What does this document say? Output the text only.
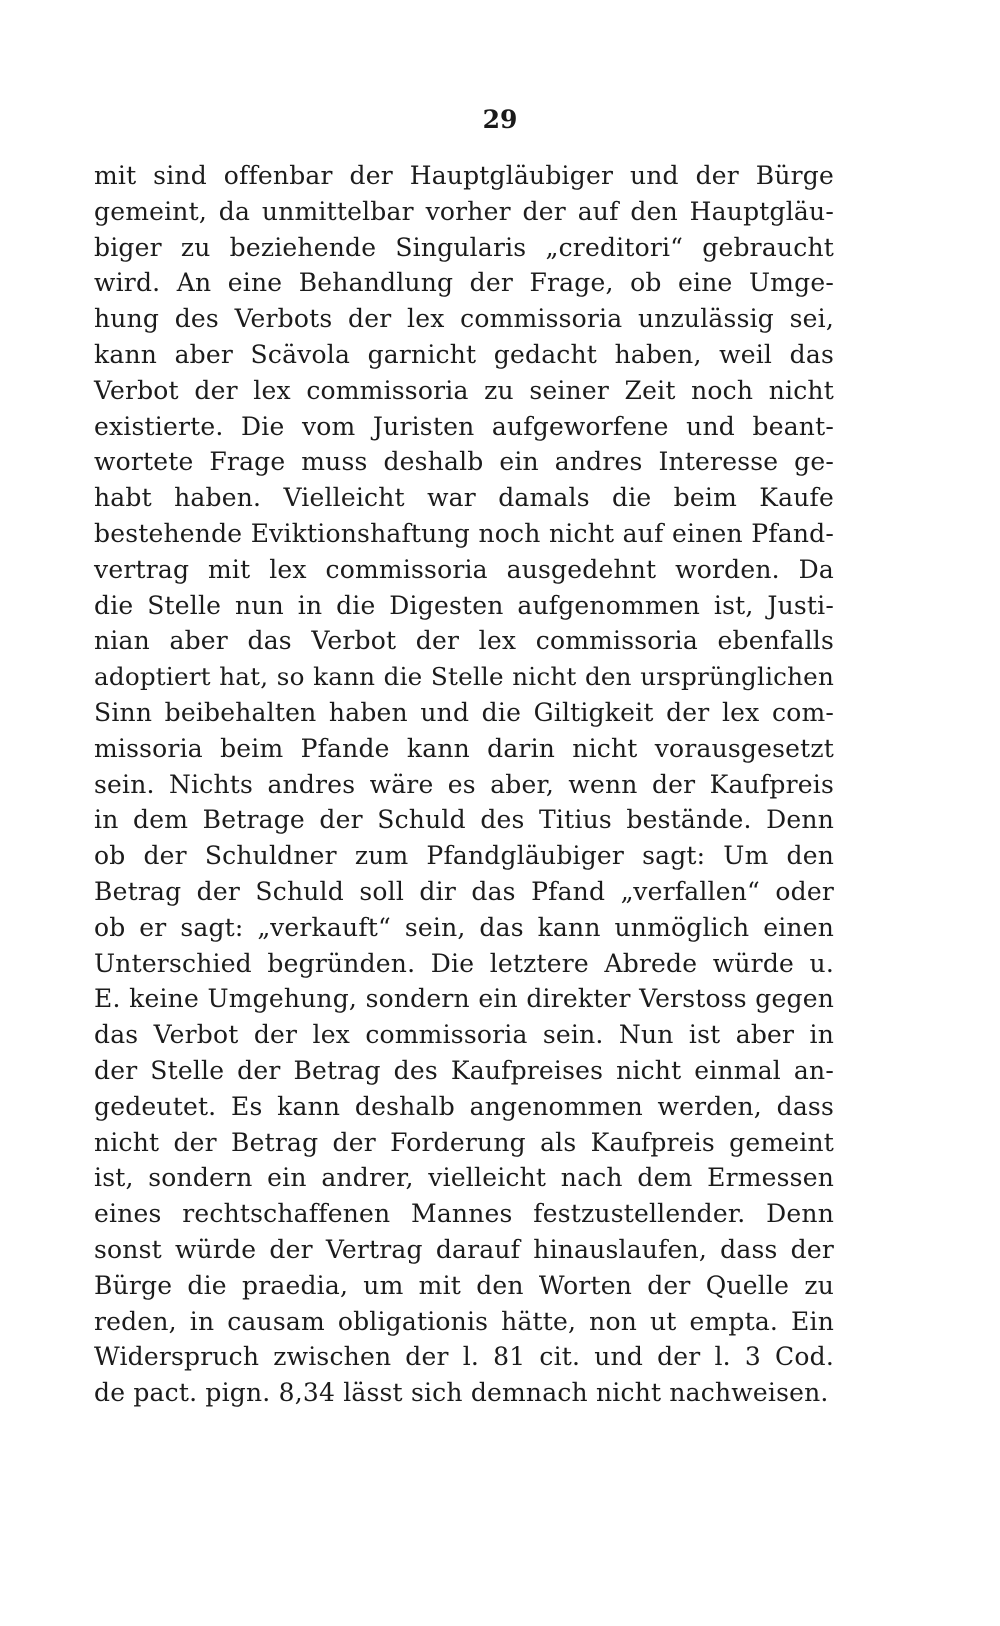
29
mit sind offenbar der Hauptgläubiger und der Bürge
gemeint, da unmittelbar vorher der auf den Hauptgläu-
biger zu beziehende Singularis „creditori“ gebraucht
wird. An eine Behandlung der Frage, ob eine Umge-
hung des Verbots der lex commissoria unzulässig sei,
kann aber Scävola garnicht gedacht haben, weil das
Verbot der lex commissoria zu seiner Zeit noch nicht
existierte. Die vom Juristen aufgeworfene und beant-
wortete Frage muss deshalb ein andres Interesse ge-
habt haben. Vielleicht war damals die beim Kaufe
bestehende Eviktionshaftung noch nicht auf einen Pfand-
vertrag mit lex commissoria ausgedehnt worden. Da
die Stelle nun in die Digesten aufgenommen ist, Justi-
nian aber das Verbot der lex commissoria ebenfalls
adoptiert hat, so kann die Stelle nicht den ursprünglichen
Sinn beibehalten haben und die Giltigkeit der lex com-
missoria beim Pfande kann darin nicht vorausgesetzt
sein. Nichts andres wäre es aber, wenn der Kaufpreis
in dem Betrage der Schuld des Titius bestände. Denn
ob der Schuldner zum Pfandgläubiger sagt: Um den
Betrag der Schuld soll dir das Pfand „verfallen“ oder
ob er sagt: „verkauft“ sein, das kann unmöglich einen
Unterschied begründen. Die letztere Abrede würde u.
E. keine Umgehung, sondern ein direkter Verstoss gegen
das Verbot der lex commissoria sein. Nun ist aber in
der Stelle der Betrag des Kaufpreises nicht einmal an-
gedeutet. Es kann deshalb angenommen werden, dass
nicht der Betrag der Forderung als Kaufpreis gemeint
ist, sondern ein andrer, vielleicht nach dem Ermessen
eines rechtschaffenen Mannes festzustellender. Denn
sonst würde der Vertrag darauf hinauslaufen, dass der
Bürge die praedia, um mit den Worten der Quelle zu
reden, in causam obligationis hätte, non ut empta. Ein
Widerspruch zwischen der l. 81 cit. und der l. 3 Cod.
de pact. pign. 8,34 lässt sich demnach nicht nachweisen.
